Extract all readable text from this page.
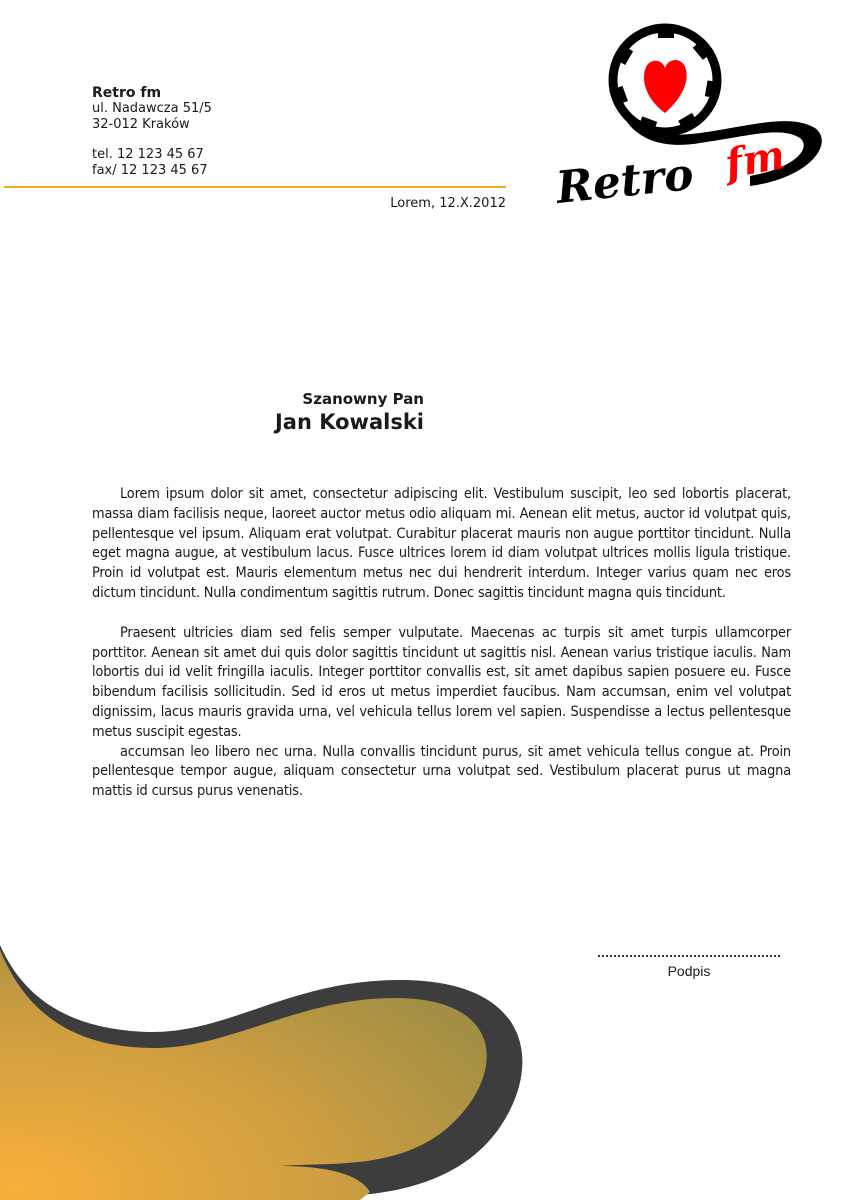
Retro fm
ul. Nadawcza 51/5
32-012 Kraków
tel. 12 123 45 67
fax/ 12 123 45 67
Lorem, 12.X.2012 Retro fm
Szanowny Pan
Jan Kowalski

Lorem ipsum dolor sit amet, consectetur adipiscing elit. Vestibulum suscipit, leo sed lobortis placerat, massa diam facilisis neque, laoreet auctor metus odio aliquam mi. Aenean elit metus, auctor id volutpat quis, pellentesque vel ipsum. Aliquam erat volutpat. Curabitur placerat mauris non augue porttitor tincidunt. Nulla eget magna augue, at vestibulum lacus. Fusce ultrices lorem id diam volutpat ultrices mollis ligula tristique. Proin id volutpat est. Mauris elementum metus nec dui hendrerit interdum. Integer varius quam nec eros dictum tincidunt. Nulla condimentum sagittis rutrum. Donec sagittis tincidunt magna quis tincidunt.

Praesent ultricies diam sed felis semper vulputate. Maecenas ac turpis sit amet turpis ullamcorper porttitor. Aenean sit amet dui quis dolor sagittis tincidunt ut sagittis nisl. Aenean varius tristique iaculis. Nam lobortis dui id velit fringilla iaculis. Integer porttitor convallis est, sit amet dapibus sapien posuere eu. Fusce bibendum facilisis sollicitudin. Sed id eros ut metus imperdiet faucibus. Nam accumsan, enim vel volutpat dignissim, lacus mauris gravida urna, vel vehicula tellus lorem vel sapien. Suspendisse a lectus pellentesque metus suscipit egestas.

accumsan leo libero nec urna. Nulla convallis tincidunt purus, sit amet vehicula tellus congue at. Proin pellentesque tempor augue, aliquam consectetur urna volutpat sed. Vestibulum placerat purus ut magna mattis id cursus purus venenatis.

Podpis
